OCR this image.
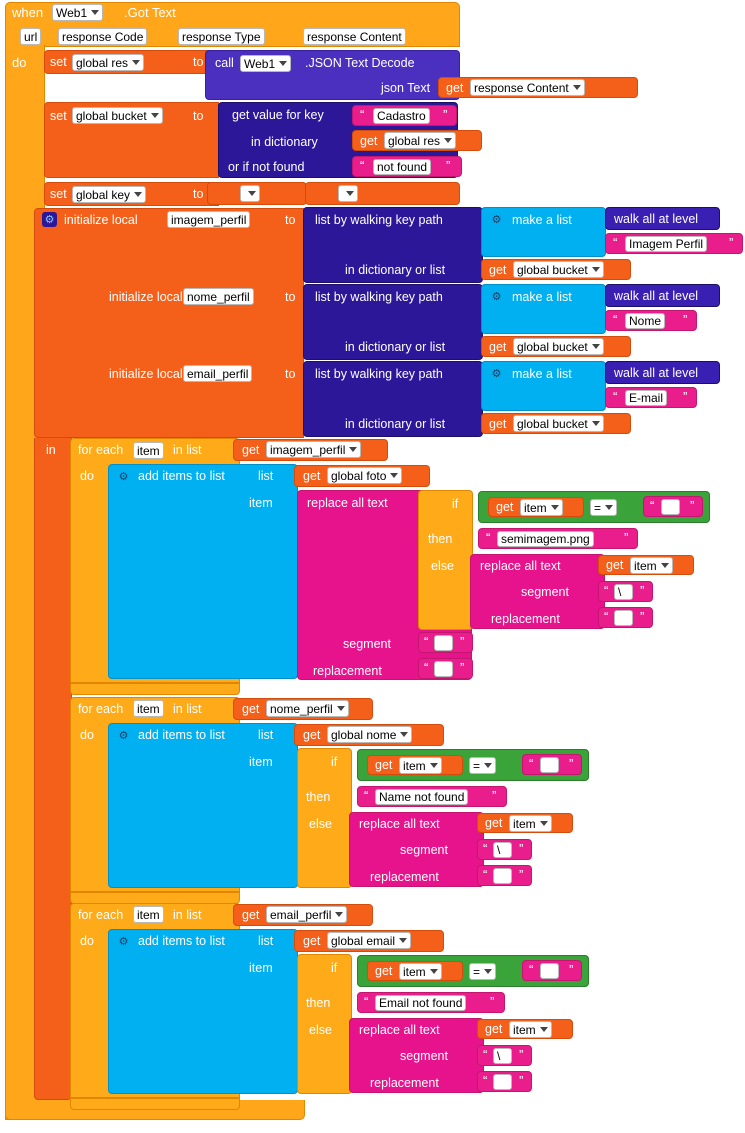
when Web1	.Got Text
url response Code	response Type	response Content
do set global res	to call Web1 .JSON Text Decode
json Text get response Content
set global bucket	to get value for key
in dictionary
or if not found
“ Cadastro ”
get global res
“ not found ”
set global key	to
⚙ initialize local	imagem_perfil	to
initialize local nome_perfil	to
initialize local email_perfil	to
list by walking key path
in dictionary or list
⚙ make a list	walk all at level
“ Imagem Perfil ”
get global bucket
list by walking key path
in dictionary or list
⚙ make a list	walk all at level
“ Nome ”
get global bucket
list by walking key path
in dictionary or list
⚙ make a list	walk all at level
“ E-mail ”
get global bucket
in for each item in list	get imagem_perfil
do ⚙ add items to list	list get global foto
item	replace all text
segment
replacement
if
then
else
get item	=	“	”
“ semimagem.png	”
replace all text
segment
replacement
get item
“ \ ”
“ ”
“ ”
“ ”
for each item in list	get nome_perfil
do ⚙ add items to list	list get global nome
item	if
then
else
get item	=	“	”
“ Name not found ”
replace all text
segment
replacement
get item
“ \ ”
“ ”
for each item in list	get email_perfil
do ⚙ add items to list	list get global email
item	if
then
else
get item	=	“	”
“ Email not found ”
replace all text
segment
replacement
get item
“ \ ”
“ ”
